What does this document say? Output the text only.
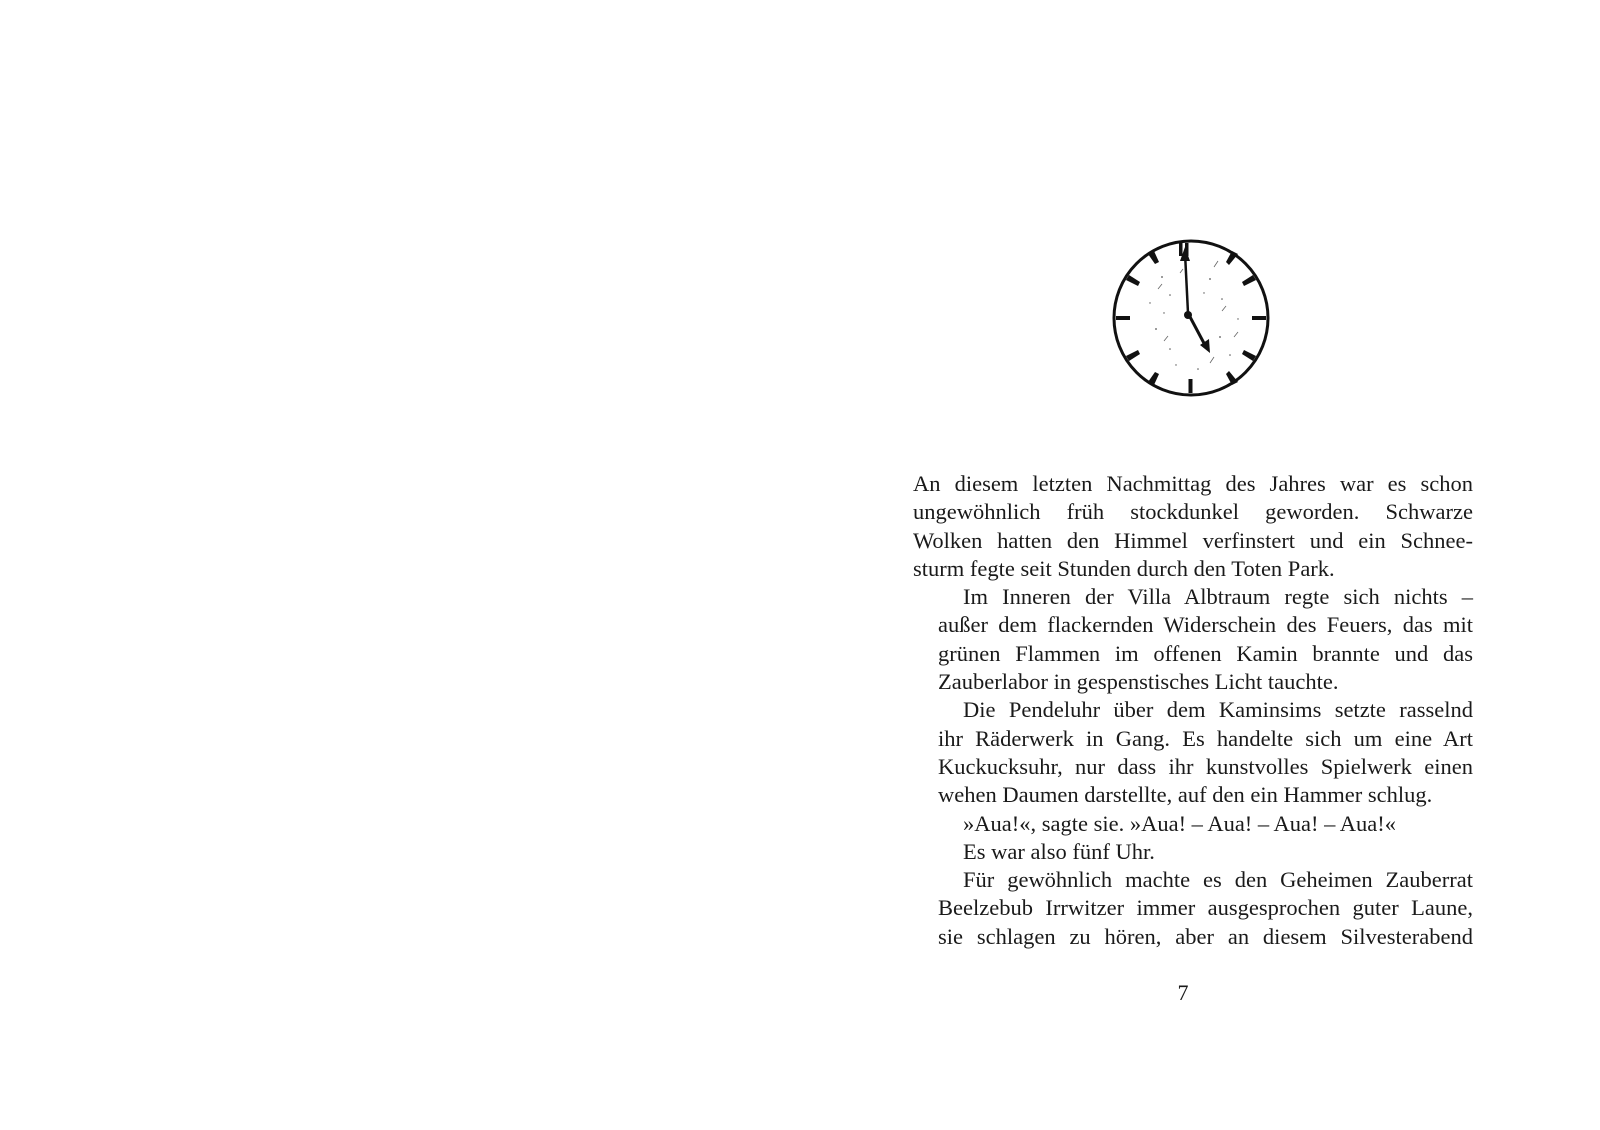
An diesem letzten Nachmittag des Jahres war es schon
ungewöhnlich früh stockdunkel geworden. Schwarze
Wolken hatten den Himmel verfinstert und ein Schnee-
sturm fegte seit Stunden durch den Toten Park.

Im Inneren der Villa Albtraum regte sich nichts –
außer dem flackernden Widerschein des Feuers, das mit
grünen Flammen im offenen Kamin brannte und das
Zauberlabor in gespenstisches Licht tauchte.

Die Pendeluhr über dem Kaminsims setzte rasselnd
ihr Räderwerk in Gang. Es handelte sich um eine Art
Kuckucksuhr, nur dass ihr kunstvolles Spielwerk einen
wehen Daumen darstellte, auf den ein Hammer schlug.

»Aua!«, sagte sie. »Aua! – Aua! – Aua! – Aua!«

Es war also fünf Uhr.

Für gewöhnlich machte es den Geheimen Zauberrat
Beelzebub Irrwitzer immer ausgesprochen guter Laune,
sie schlagen zu hören, aber an diesem Silvesterabend

7
